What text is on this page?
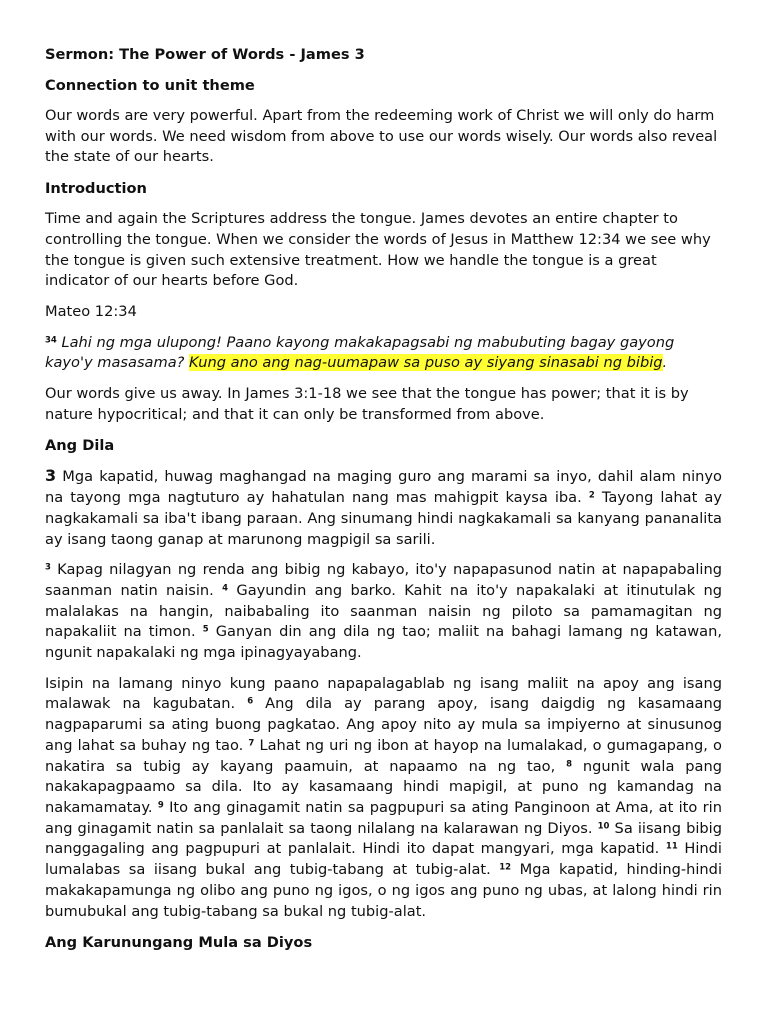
Sermon: The Power of Words - James 3
Connection to unit theme

Our words are very powerful. Apart from the redeeming work of Christ we will only do harm with our words. We need wisdom from above to use our words wisely. Our words also reveal the state of our hearts.

Introduction

Time and again the Scriptures address the tongue. James devotes an entire chapter to controlling the tongue. When we consider the words of Jesus in Matthew 12:34 we see why the tongue is given such extensive treatment. How we handle the tongue is a great indicator of our hearts before God.

Mateo 12:34

$^{34}$ Lahi ng mga ulupong! Paano kayong makakapagsabi ng mabubuting bagay gayong kayo'y masasama? Kung ano ang nag-uumapaw sa puso ay siyang sinasabi ng bibig.

Our words give us away. In James 3:1-18 we see that the tongue has power; that it is by nature hypocritical; and that it can only be transformed from above.

Ang Dila

3 Mga kapatid, huwag maghangad na maging guro ang marami sa inyo, dahil alam ninyo na tayong mga nagtuturo ay hahatulan nang mas mahigpit kaysa iba. $^2$ Tayong lahat ay nagkakamali sa iba't ibang paraan. Ang sinumang hindi nagkakamali sa kanyang pananalita ay isang taong ganap at marunong magpigil sa sarili.

$^3$ Kapag nilagyan ng renda ang bibig ng kabayo, ito'y napapasunod natin at napapabaling saanman natin naisin. $^4$ Gayundin ang barko. Kahit na ito'y napakalaki at itinutulak ng malalakas na hangin, naibabaling ito saanman naisin ng piloto sa pamamagitan ng napakaliit na timon. $^5$ Ganyan din ang dila ng tao; maliit na bahagi lamang ng katawan, ngunit napakalaki ng mga ipinagyayabang.

Isipin na lamang ninyo kung paano napapalagablab ng isang maliit na apoy ang isang malawak na kagubatan. $^6$ Ang dila ay parang apoy, isang daigdig ng kasamaang nagpaparumi sa ating buong pagkatao. Ang apoy nito ay mula sa impiyerno at sinusunog ang lahat sa buhay ng tao. $^7$ Lahat ng uri ng ibon at hayop na lumalakad, o gumagapang, o nakatira sa tubig ay kayang paamuin, at napaamo na ng tao, $^8$ ngunit wala pang nakakapagpaamo sa dila. Ito ay kasamaang hindi mapigil, at puno ng kamandag na nakamamatay. $^9$ Ito ang ginagamit natin sa pagpupuri sa ating Panginoon at Ama, at ito rin ang ginagamit natin sa panlalait sa taong nilalang na kalarawan ng Diyos. $^{10}$ Sa iisang bibig nanggagaling ang pagpupuri at panlalait. Hindi ito dapat mangyari, mga kapatid. $^{11}$ Hindi lumalabas sa iisang bukal ang tubig-tabang at tubig-alat. $^{12}$ Mga kapatid, hinding-hindi makakapamunga ng olibo ang puno ng igos, o ng igos ang puno ng ubas, at lalong hindi rin bumubukal ang tubig-tabang sa bukal ng tubig-alat.

Ang Karunungang Mula sa Diyos
